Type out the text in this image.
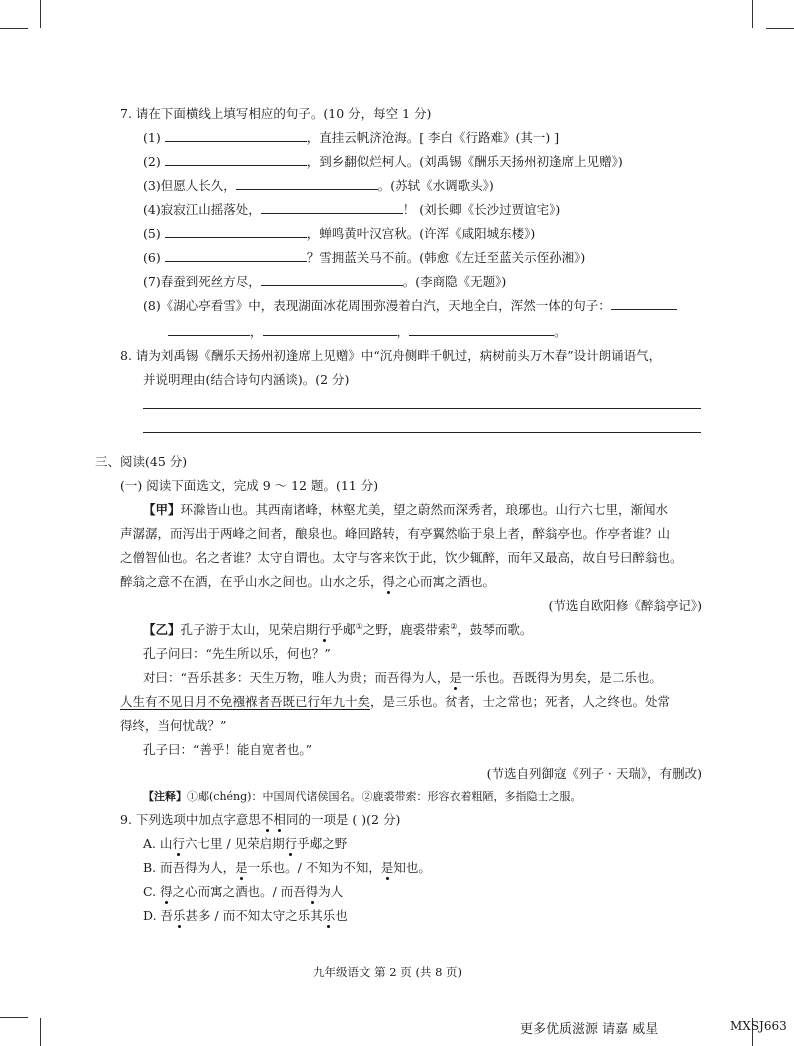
7. 请在下面横线上填写相应的句子。(10 分，每空 1 分)
(1)	，直挂云帆济沧海。[ 李白《行路难》(其一) ]
(2)	，到乡翻似烂柯人。(刘禹锡《酬乐天扬州初逢席上见赠》)
(3)但愿人长久，	。(苏轼《水调歌头》)
(4)寂寂江山摇落处，	！ (刘长卿《长沙过贾谊宅》)
(5)	，蝉鸣黄叶汉宫秋。(许浑《咸阳城东楼》)
(6)	？雪拥蓝关马不前。(韩愈《左迁至蓝关示侄孙湘》)
(7)春蚕到死丝方尽，	。(李商隐《无题》)
(8)《湖心亭看雪》中，表现湖面冰花周围弥漫着白汽，天地全白，浑然一体的句子：
，	，	。
8. 请为刘禹锡《酬乐天扬州初逢席上见赠》中“沉舟侧畔千帆过，病树前头万木春”设计朗诵语气，
并说明理由(结合诗句内涵谈)。(2 分)
三、阅读(45 分)
(一) 阅读下面选文，完成 9 ～ 12 题。(11 分)
【甲】环滁皆山也。其西南诸峰，林壑尤美，望之蔚然而深秀者，琅琊也。山行六七里，渐闻水
声潺潺，而泻出于两峰之间者，酿泉也。峰回路转，有亭翼然临于泉上者，醉翁亭也。作亭者谁？山
之僧智仙也。名之者谁？太守自谓也。太守与客来饮于此，饮少辄醉，而年又最高，故自号曰醉翁也。
醉翁之意不在酒，在乎山水之间也。山水之乐，得之心而寓之酒也。
(节选自欧阳修《醉翁亭记》)
【乙】孔子游于太山，见荣启期行乎郕①之野，鹿裘带索②，鼓琴而歌。
孔子问曰：“先生所以乐，何也？”
对曰：“吾乐甚多：天生万物，唯人为贵；而吾得为人，是一乐也。吾既得为男矣，是二乐也。
人生有不见日月不免襁褓者吾既已行年九十矣，是三乐也。贫者，士之常也；死者，人之终也。处常
得终，当何忧哉？”
孔子曰：“善乎！能自宽者也。”
(节选自列御寇《列子 · 天瑞》，有删改)
【注释】①郕(chéng)：中国周代诸侯国名。②鹿裘带索：形容衣着粗陋，多指隐士之服。
9. 下列选项中加点字意思不相同的一项是 ( )(2 分)
A. 山行六七里 / 见荣启期行乎郕之野
B. 而吾得为人，是一乐也。/ 不知为不知，是知也。
C. 得之心而寓之酒也。/ 而吾得为人
D. 吾乐甚多 / 而不知太守之乐其乐也
九年级语文 第 2 页 (共 8 页)
更多优质滋源 请嘉 威星	MXSJ663
